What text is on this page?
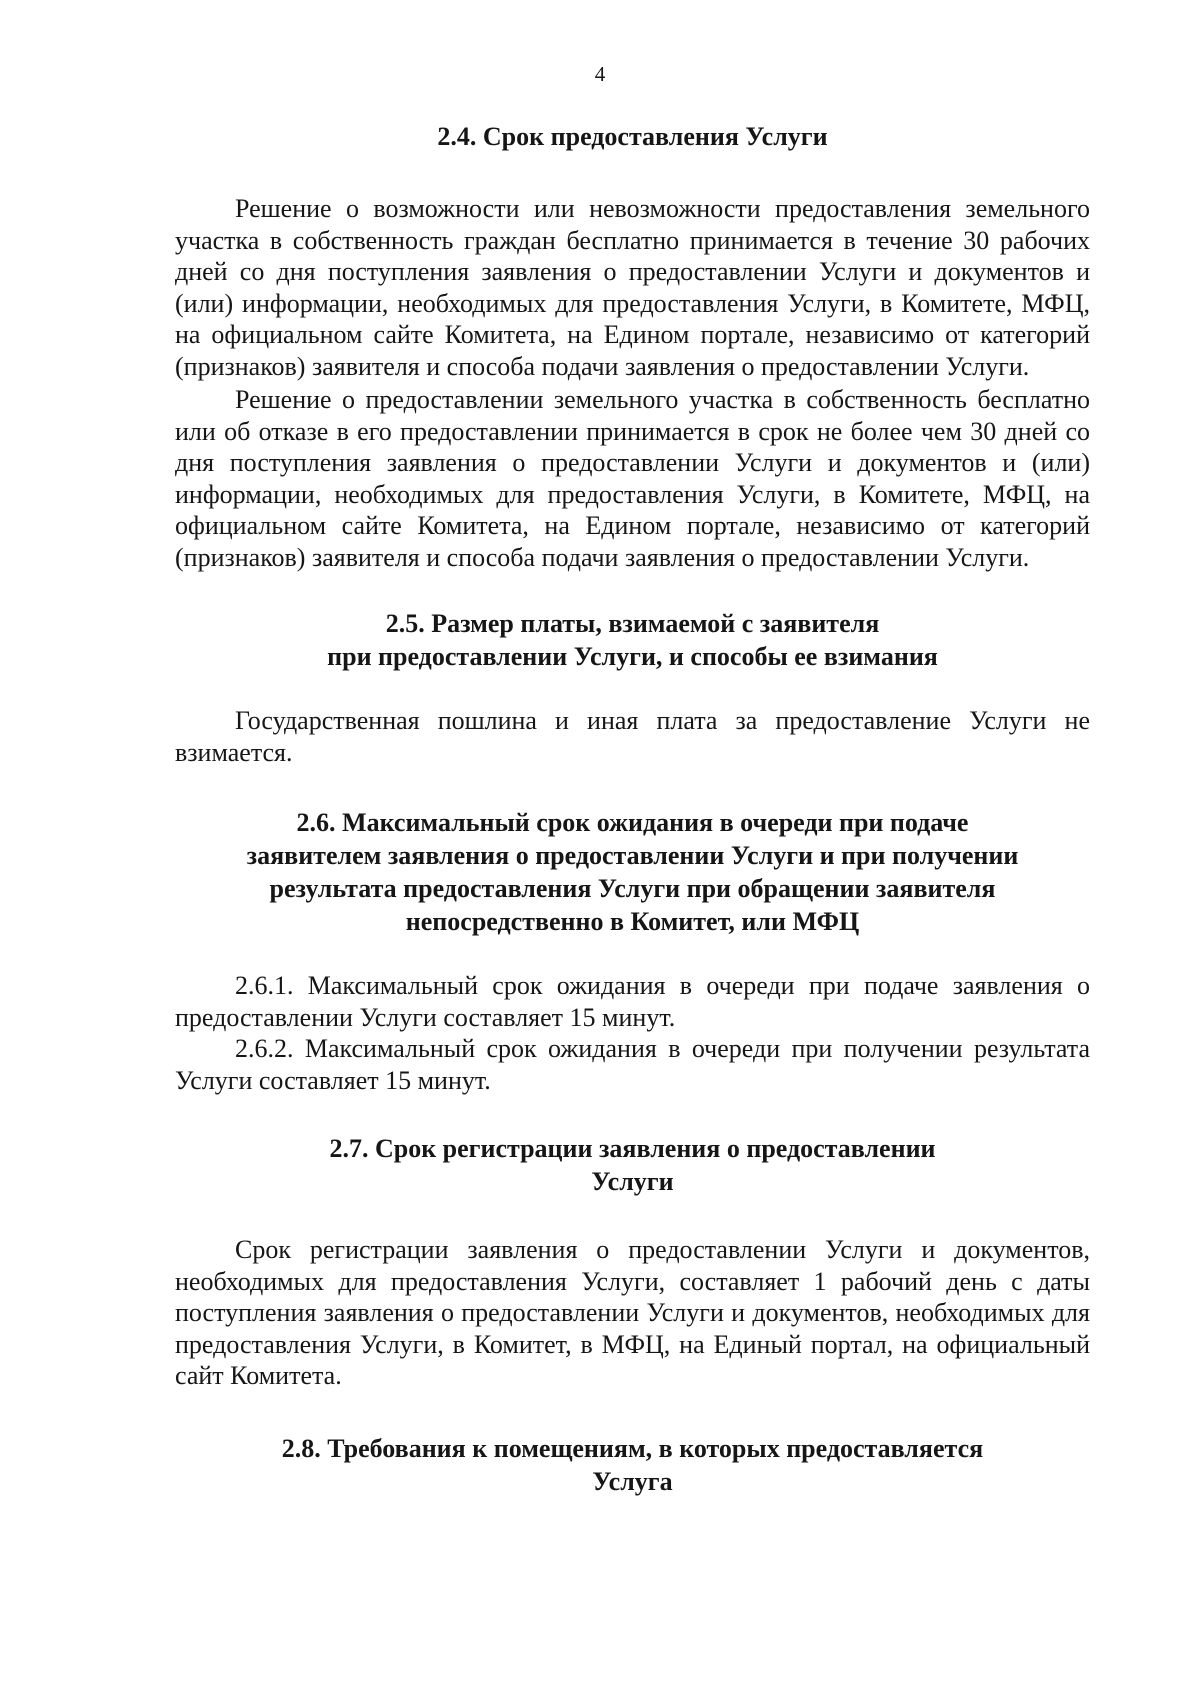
4
2.4. Срок предоставления Услуги

Решение о возможности или невозможности предоставления земельного участка в собственность граждан бесплатно принимается в течение 30 рабочих дней со дня поступления заявления о предоставлении Услуги и документов и (или) информации, необходимых для предоставления Услуги, в Комитете, МФЦ, на официальном сайте Комитета, на Едином портале, независимо от категорий (признаков) заявителя и способа подачи заявления о предоставлении Услуги.

Решение о предоставлении земельного участка в собственность бесплатно или об отказе в его предоставлении принимается в срок не более чем 30 дней со дня поступления заявления о предоставлении Услуги и документов и (или) информации, необходимых для предоставления Услуги, в Комитете, МФЦ, на официальном сайте Комитета, на Едином портале, независимо от категорий (признаков) заявителя и способа подачи заявления о предоставлении Услуги.

2.5. Размер платы, взимаемой с заявителя
при предоставлении Услуги, и способы ее взимания

Государственная пошлина и иная плата за предоставление Услуги не взимается.

2.6. Максимальный срок ожидания в очереди при подаче
заявителем заявления о предоставлении Услуги и при получении
результата предоставления Услуги при обращении заявителя
непосредственно в Комитет, или МФЦ

2.6.1. Максимальный срок ожидания в очереди при подаче заявления о предоставлении Услуги составляет 15 минут.

2.6.2. Максимальный срок ожидания в очереди при получении результата Услуги составляет 15 минут.

2.7. Срок регистрации заявления о предоставлении
Услуги

Срок регистрации заявления о предоставлении Услуги и документов, необходимых для предоставления Услуги, составляет 1 рабочий день с даты поступления заявления о предоставлении Услуги и документов, необходимых для предоставления Услуги, в Комитет, в МФЦ, на Единый портал, на официальный сайт Комитета.

2.8. Требования к помещениям, в которых предоставляется
Услуга
